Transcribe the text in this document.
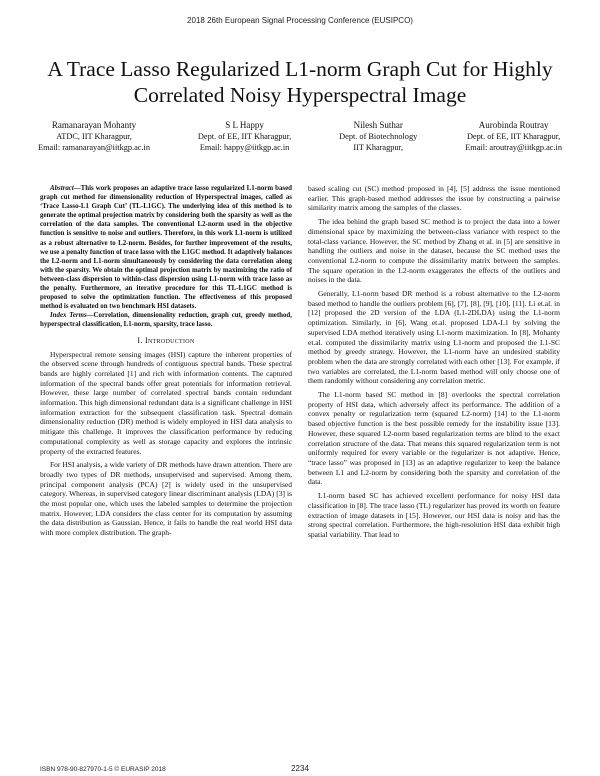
2018 26th European Signal Processing Conference (EUSIPCO)
A Trace Lasso Regularized L1-norm Graph Cut for Highly Correlated Noisy Hyperspectral Image
Ramanarayan Mohanty
ATDC, IIT Kharagpur,
Email: ramanarayan@iitkgp.ac.in
S L Happy
Dept. of EE, IIT Kharagpur,
Email: happy@iitkgp.ac.in
Nilesh Suthar
Dept. of Biotechnology
IIT Kharagpur,
Aurobinda Routray
Dept. of EE, IIT Kharagpur,
Email: aroutray@iitkgp.ac.in

Abstract—This work proposes an adaptive trace lasso regularized L1-norm based graph cut method for dimensionality reduction of Hyperspectral images, called as ‘Trace Lasso-L1 Graph Cut’ (TL-L1GC). The underlying idea of this method is to generate the optimal projection matrix by considering both the sparsity as well as the correlation of the data samples. The conventional L2-norm used in the objective function is sensitive to noise and outliers. Therefore, in this work L1-norm is utilized as a robust alternative to L2-norm. Besides, for further improvement of the results, we use a penalty function of trace lasso with the L1GC method. It adaptively balances the L2-norm and L1-norm simultaneously by considering the data correlation along with the sparsity. We obtain the optimal projection matrix by maximizing the ratio of between-class dispersion to within-class dispersion using L1-norm with trace lasso as the penalty. Furthermore, an iterative procedure for this TL-L1GC method is proposed to solve the optimization function. The effectiveness of this proposed method is evaluated on two benchmark HSI datasets.

Index Terms—Correlation, dimensionality reduction, graph cut, greedy method, hyperspectral classification, L1-norm, sparsity, trace lasso.

I. Introduction

Hyperspectral remote sensing images (HSI) capture the inherent properties of the observed scene through hundreds of contiguous spectral bands. These spectral bands are highly correlated [1] and rich with information contents. The captured information of the spectral bands offer great potentials for information retrieval. However, these large number of correlated spectral bands contain redundant information. This high dimensional redundant data is a significant challenge in HSI information extraction for the subsequent classification task. Spectral domain dimensionality reduction (DR) method is widely employed in HSI data analysis to mitigate this challenge. It improves the classification performance by reducing computational complexity as well as storage capacity and explores the intrinsic property of the extracted features.

For HSI analysis, a wide variety of DR methods have drawn attention. There are broadly two types of DR methods, unsupervised and supervised. Among them, principal component analysis (PCA) [2] is widely used in the unsupervised category. Whereas, in supervised category linear discriminant analysis (LDA) [3] is the most popular one, which uses the labeled samples to determine the projection matrix. However, LDA considers the class center for its computation by assuming the data distribution as Gaussian. Hence, it fails to handle the real world HSI data with more complex distribution. The graph-

based scaling cut (SC) method proposed in [4], [5] address the issue mentioned earlier. This graph-based method addresses the issue by constructing a pairwise similarity matrix among the samples of the classes.

The idea behind the graph based SC method is to project the data into a lower dimensional space by maximizing the between-class variance with respect to the total-class variance. However, the SC method by Zhang et al. in [5] are sensitive in handling the outliers and noise in the dataset, because the SC method uses the conventional L2-norm to compute the dissimilarity matrix between the samples. The square operation in the L2-norm exaggerates the effects of the outliers and noises in the data.

Generally, L1-norm based DR method is a robust alternative to the L2-norm based method to handle the outliers problem [6], [7], [8], [9], [10], [11]. Li et.al. in [12] proposed the 2D version of the LDA (L1-2DLDA) using the L1-norm optimization. Similarly, in [6], Wang et.al. proposed LDA-L1 by solving the supervised LDA method iteratively using L1-norm maximization. In [8], Mohanty et.al. computed the dissimilarity matrix using L1-norm and proposed the L1-SC method by greedy strategy. However, the L1-norm have an undesired stability problem when the data are strongly correlated with each other [13]. For example, if two variables are correlated, the L1-norm based method will only choose one of them randomly without considering any correlation metric.

The L1-norm based SC method in [8] overlooks the spectral correlation property of HSI data, which adversely affect its performance. The addition of a convex penalty or regularization term (squared L2-norm) [14] to the L1-norm based objective function is the best possible remedy for the instability issue [13]. However, these squared L2-norm based regularization terms are blind to the exact correlation structure of the data. That means this squared regularization term is not uniformly required for every variable or the regularizer is not adaptive. Hence, “trace lasso” was proposed in [13] as an adaptive regularizer to keep the balance between L1 and L2-norm by considering both the sparsity and correlation of the data.

L1-norm based SC has achieved excellent performance for noisy HSI data classification in [8]. The trace lasso (TL) regularizer has proved its worth on feature extraction of image datasets in [15]. However, our HSI data is noisy and has the strong spectral correlation. Furthermore, the high-resolution HSI data exhibit high spatial variability. That lead to

ISBN 978-90-827970-1-5 © EURASIP 2018	2234
